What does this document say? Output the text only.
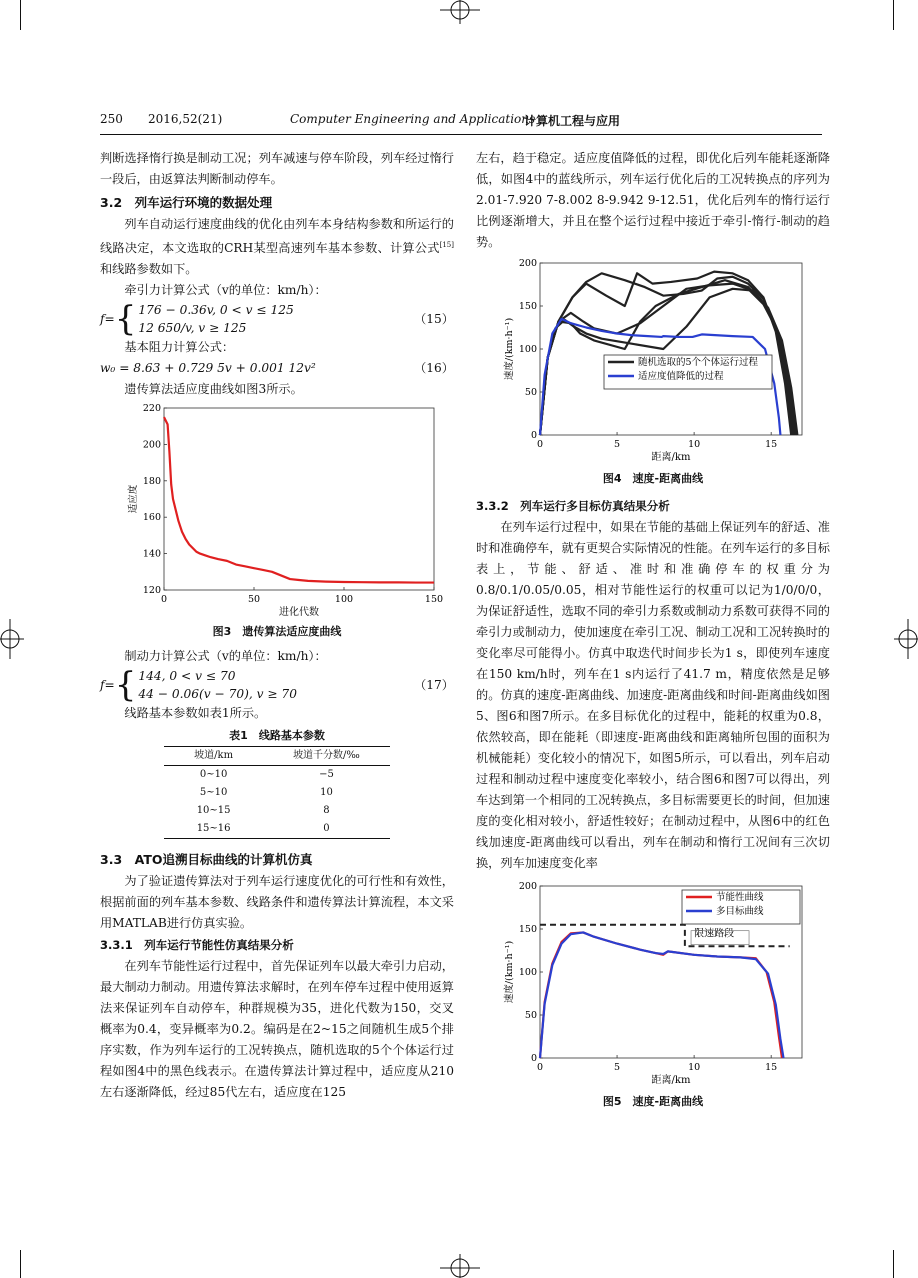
250 2016,52(21)	Computer Engineering and Applications
计算机工程与应用

判断选择惰行换是制动工况；列车减速与停车阶段，列车经过惰行一段后，由返算法判断制动停车。

3.2　列车运行环境的数据处理

列车自动运行速度曲线的优化由列车本身结构参数和所运行的线路决定，本文选取的CRH某型高速列车基本参数、计算公式[15]和线路参数如下。

牵引力计算公式（v的单位：km/h）：

f= { 176 − 0.36v, 0 < v ≤ 125
12 650/v, v ≥ 125
（15）

基本阻力计算公式：

w₀ = 8.63 + 0.729 5v + 0.001 12v²	（16）

遗传算法适应度曲线如图3所示。

0	50	100	150
120
140
160
180
200
220
进化代数
适应度
图3　遗传算法适应度曲线

制动力计算公式（v的单位：km/h）：

f= { 144, 0 < v ≤ 70
44 − 0.06(v − 70), v ≥ 70
（17）

线路基本参数如表1所示。

表1　线路基本参数
坡道/km	坡道千分数/‰
0~10	−5
5~10	10
10~15	8
15~16	0
3.3　ATO追溯目标曲线的计算机仿真

为了验证遗传算法对于列车运行速度优化的可行性和有效性，根据前面的列车基本参数、线路条件和遗传算法计算流程，本文采用MATLAB进行仿真实验。

3.3.1　列车运行节能性仿真结果分析

在列车节能性运行过程中，首先保证列车以最大牵引力启动，最大制动力制动。用遗传算法求解时，在列车停车过程中使用返算法来保证列车自动停车，种群规模为35，进化代数为150，交叉概率为0.4，变异概率为0.2。编码是在2~15之间随机生成5个排序实数，作为列车运行的工况转换点，随机选取的5个个体运行过程如图4中的黑色线表示。在遗传算法计算过程中，适应度从210左右逐渐降低，经过85代左右，适应度在125

左右，趋于稳定。适应度值降低的过程，即优化后列车能耗逐渐降低，如图4中的蓝线所示，列车运行优化后的工况转换点的序列为2.01-7.920 7-8.002 8-9.942 9-12.51，优化后列车的惰行运行比例逐渐增大，并且在整个运行过程中接近于牵引-惰行-制动的趋势。

0	5	10	15
0
50
100
150
200
距离/km
速度/(km·h⁻¹)	随机选取的5个个体运行过程
适应度值降低的过程
图4　速度-距离曲线
3.3.2　列车运行多目标仿真结果分析

在列车运行过程中，如果在节能的基础上保证列车的舒适、准时和准确停车，就有更契合实际情况的性能。在列车运行的多目标表上，节能、舒适、准时和准确停车的权重分为0.8/0.1/0.05/0.05，相对节能性运行的权重可以记为1/0/0/0，为保证舒适性，选取不同的牵引力系数或制动力系数可获得不同的牵引力或制动力，使加速度在牵引工况、制动工况和工况转换时的变化率尽可能得小。仿真中取迭代时间步长为1 s，即使列车速度在150 km/h时，列车在1 s内运行了41.7 m，精度依然是足够的。仿真的速度-距离曲线、加速度-距离曲线和时间-距离曲线如图5、图6和图7所示。在多目标优化的过程中，能耗的权重为0.8，依然较高，即在能耗（即速度-距离曲线和距离轴所包围的面积为机械能耗）变化较小的情况下，如图5所示，可以看出，列车启动过程和制动过程中速度变化率较小，结合图6和图7可以得出，列车达到第一个相同的工况转换点，多目标需要更长的时间，但加速度的变化相对较小，舒适性较好；在制动过程中，从图6中的红色线加速度-距离曲线可以看出，列车在制动和惰行工况间有三次切换，列车加速度变化率

0	5	10	15
0
50
100
150
200
距离/km
速度/(km·h⁻¹)
限速路段
节能性曲线
多目标曲线
图5　速度-距离曲线
